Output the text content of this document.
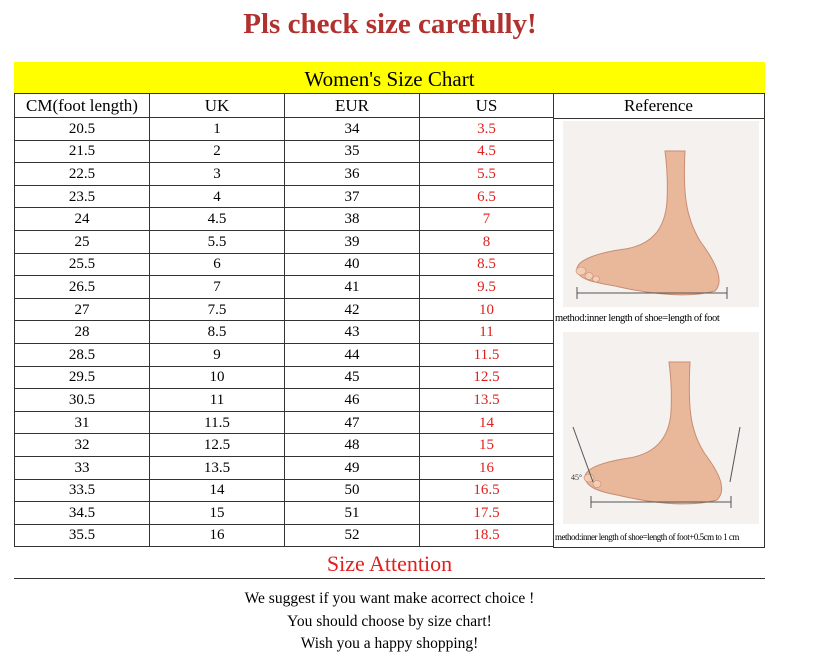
Pls check size carefully!
Women's Size Chart
CM(foot length)	UK	EUR	US
20.5	1	34	3.5
21.5	2	35	4.5
22.5	3	36	5.5
23.5	4	37	6.5
24	4.5	38	7
25	5.5	39	8
25.5	6	40	8.5
26.5	7	41	9.5
27	7.5	42	10
28	8.5	43	11
28.5	9	44	11.5
29.5	10	45	12.5
30.5	11	46	13.5
31	11.5	47	14
32	12.5	48	15
33	13.5	49	16
33.5	14	50	16.5
34.5	15	51	17.5
35.5	16	52	18.5
Reference
method:inner length of shoe=length of foot
45°
method:inner length of shoe=length of foot+0.5cm to 1 cm
Size Attention
We suggest if you want make acorrect choice !
You should choose by size chart!
Wish you a happy shopping!
